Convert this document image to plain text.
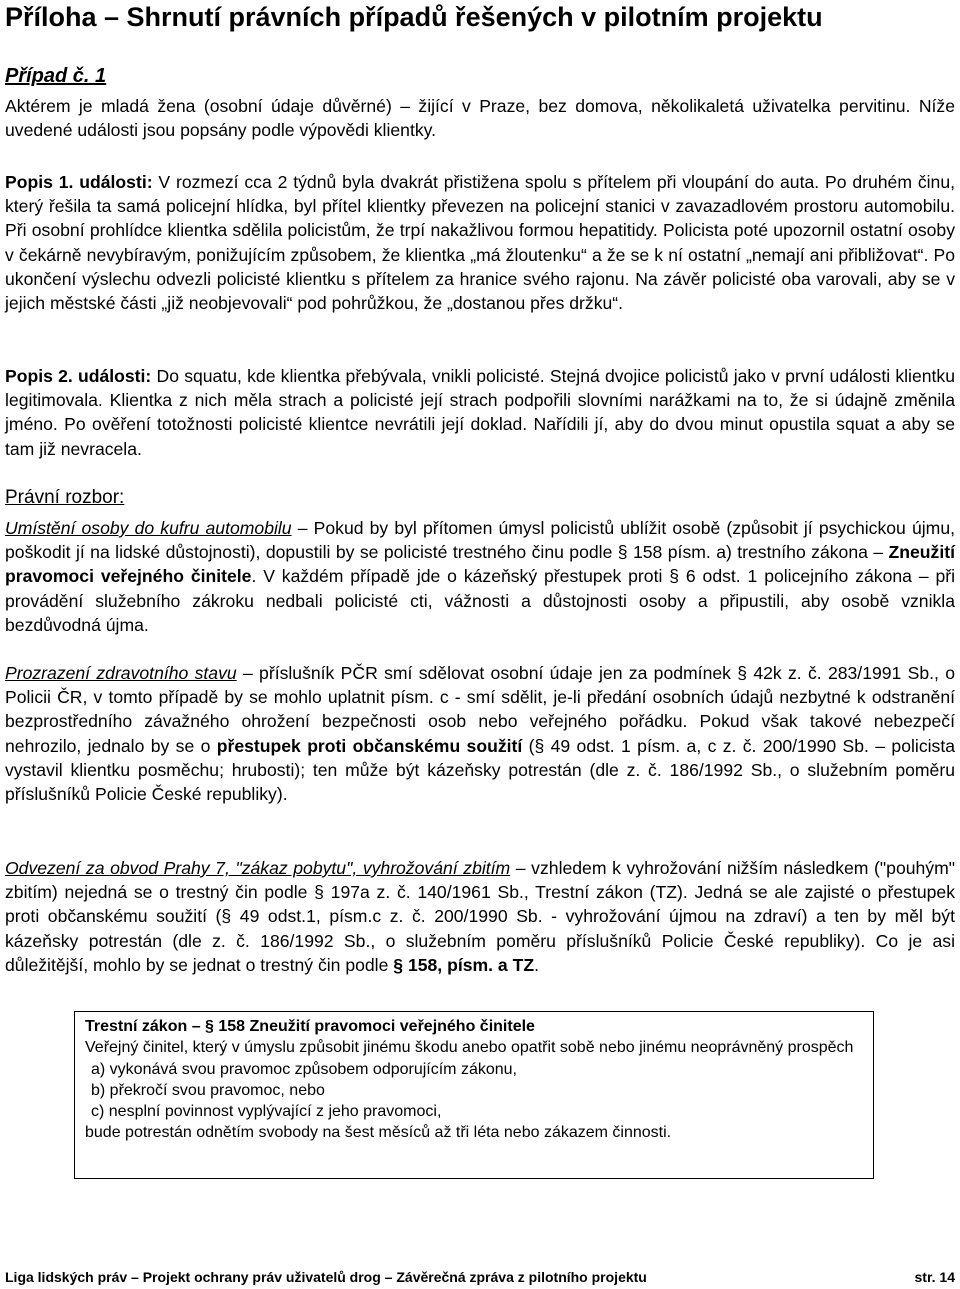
Příloha – Shrnutí právních případů řešených v pilotním projektu
Případ č. 1

Aktérem je mladá žena (osobní údaje důvěrné) – žijící v Praze, bez domova, několikaletá uživatelka pervitinu. Níže uvedené události jsou popsány podle výpovědi klientky.

Popis 1. události: V rozmezí cca 2 týdnů byla dvakrát přistižena spolu s přítelem při vloupání do auta. Po druhém činu, který řešila ta samá policejní hlídka, byl přítel klientky převezen na policejní stanici v zavazadlovém prostoru automobilu. Při osobní prohlídce klientka sdělila policistům, že trpí nakažlivou formou hepatitidy. Policista poté upozornil ostatní osoby v čekárně nevybíravým, ponižujícím způsobem, že klientka „má žloutenku“ a že se k ní ostatní „nemají ani přibližovat“. Po ukončení výslechu odvezli policisté klientku s přítelem za hranice svého rajonu. Na závěr policisté oba varovali, aby se v jejich městské části „již neobjevovali“ pod pohrůžkou, že „dostanou přes držku“.

Popis 2. události: Do squatu, kde klientka přebývala, vnikli policisté. Stejná dvojice policistů jako v první události klientku legitimovala. Klientka z nich měla strach a policisté její strach podpořili slovními narážkami na to, že si údajně změnila jméno. Po ověření totožnosti policisté klientce nevrátili její doklad. Nařídili jí, aby do dvou minut opustila squat a aby se tam již nevracela.

Právní rozbor:

Umístění osoby do kufru automobilu – Pokud by byl přítomen úmysl policistů ublížit osobě (způsobit jí psychickou újmu, poškodit jí na lidské důstojnosti), dopustili by se policisté trestného činu podle § 158 písm. a) trestního zákona – Zneužití pravomoci veřejného činitele. V každém případě jde o kázeňský přestupek proti § 6 odst. 1 policejního zákona – při provádění služebního zákroku nedbali policisté cti, vážnosti a důstojnosti osoby a připustili, aby osobě vznikla bezdůvodná újma.

Prozrazení zdravotního stavu – příslušník PČR smí sdělovat osobní údaje jen za podmínek § 42k z. č. 283/1991 Sb., o Policii ČR, v tomto případě by se mohlo uplatnit písm. c - smí sdělit, je-li předání osobních údajů nezbytné k odstranění bezprostředního závažného ohrožení bezpečnosti osob nebo veřejného pořádku. Pokud však takové nebezpečí nehrozilo, jednalo by se o přestupek proti občanskému soužití (§ 49 odst. 1 písm. a, c z. č. 200/1990 Sb. – policista vystavil klientku posměchu; hrubosti); ten může být kázeňsky potrestán (dle z. č. 186/1992 Sb., o služebním poměru příslušníků Policie České republiky).

Odvezení za obvod Prahy 7, "zákaz pobytu", vyhrožování zbitím – vzhledem k vyhrožování nižším následkem ("pouhým" zbitím) nejedná se o trestný čin podle § 197a z. č. 140/1961 Sb., Trestní zákon (TZ). Jedná se ale zajisté o přestupek proti občanskému soužití (§ 49 odst.1, písm.c z. č. 200/1990 Sb. - vyhrožování újmou na zdraví) a ten by měl být kázeňsky potrestán (dle z. č. 186/1992 Sb., o služebním poměru příslušníků Policie České republiky). Co je asi důležitější, mohlo by se jednat o trestný čin podle § 158, písm. a TZ.

Trestní zákon – § 158 Zneužití pravomoci veřejného činitele
Veřejný činitel, který v úmyslu způsobit jinému škodu anebo opatřit sobě nebo jinému neoprávněný prospěch
a) vykonává svou pravomoc způsobem odporujícím zákonu,
b) překročí svou pravomoc, nebo
c) nesplní povinnost vyplývající z jeho pravomoci,
bude potrestán odnětím svobody na šest měsíců až tři léta nebo zákazem činnosti.
Liga lidských práv – Projekt ochrany práv uživatelů drog – Závěrečná zpráva z pilotního projektu	str. 14
